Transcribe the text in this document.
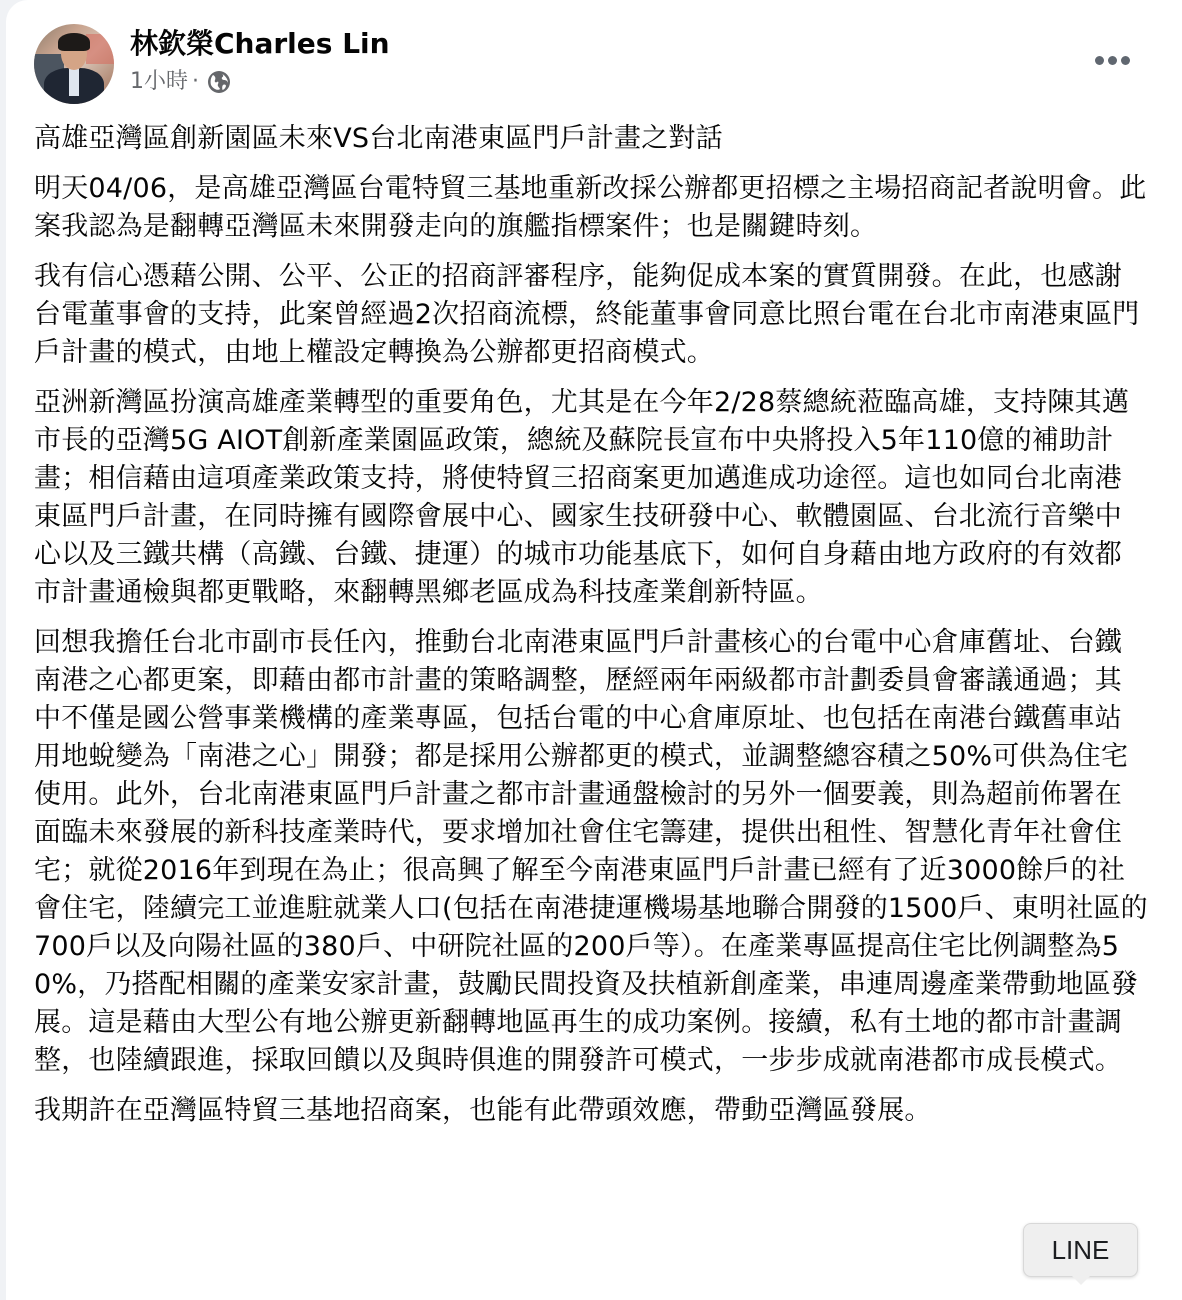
林欽榮Charles Lin
1小時 ·

高雄亞灣區創新園區未來VS台北南港東區門戶計畫之對話

明天04/06，是高雄亞灣區台電特貿三基地重新改採公辦都更招標之主場招商記者說明會。此案我認為是翻轉亞灣區未來開發走向的旗艦指標案件；也是關鍵時刻。

我有信心憑藉公開、公平、公正的招商評審程序，能夠促成本案的實質開發。在此，也感謝台電董事會的支持，此案曾經過2次招商流標，終能董事會同意比照台電在台北市南港東區門戶計畫的模式，由地上權設定轉換為公辦都更招商模式。

亞洲新灣區扮演高雄產業轉型的重要角色，尤其是在今年2/28蔡總統蒞臨高雄，支持陳其邁市長的亞灣5G AIOT創新產業園區政策，總統及蘇院長宣布中央將投入5年110億的補助計畫；相信藉由這項產業政策支持，將使特貿三招商案更加邁進成功途徑。這也如同台北南港東區門戶計畫，在同時擁有國際會展中心、國家生技研發中心、軟體園區、台北流行音樂中心以及三鐵共構（高鐵、台鐵、捷運）的城市功能基底下，如何自身藉由地方政府的有效都市計畫通檢與都更戰略，來翻轉黑鄉老區成為科技產業創新特區。

回想我擔任台北市副市長任內，推動台北南港東區門戶計畫核心的台電中心倉庫舊址、台鐵南港之心都更案，即藉由都市計畫的策略調整，歷經兩年兩級都市計劃委員會審議通過；其中不僅是國公營事業機構的產業專區，包括台電的中心倉庫原址、也包括在南港台鐵舊車站用地蛻變為「南港之心」開發；都是採用公辦都更的模式，並調整總容積之50%可供為住宅使用。此外，台北南港東區門戶計畫之都市計畫通盤檢討的另外一個要義，則為超前佈署在面臨未來發展的新科技產業時代，要求增加社會住宅籌建，提供出租性、智慧化青年社會住宅；就從2016年到現在為止；很高興了解至今南港東區門戶計畫已經有了近3000餘戶的社會住宅，陸續完工並進駐就業人口(包括在南港捷運機場基地聯合開發的1500戶、東明社區的700戶以及向陽社區的380戶、中研院社區的200戶等）。在產業專區提高住宅比例調整為50%，乃搭配相關的產業安家計畫，鼓勵民間投資及扶植新創產業，串連周邊產業帶動地區發展。這是藉由大型公有地公辦更新翻轉地區再生的成功案例。接續，私有土地的都市計畫調整，也陸續跟進，採取回饋以及與時俱進的開發許可模式，一步步成就南港都市成長模式。

我期許在亞灣區特貿三基地招商案，也能有此帶頭效應，帶動亞灣區發展。

LINE
